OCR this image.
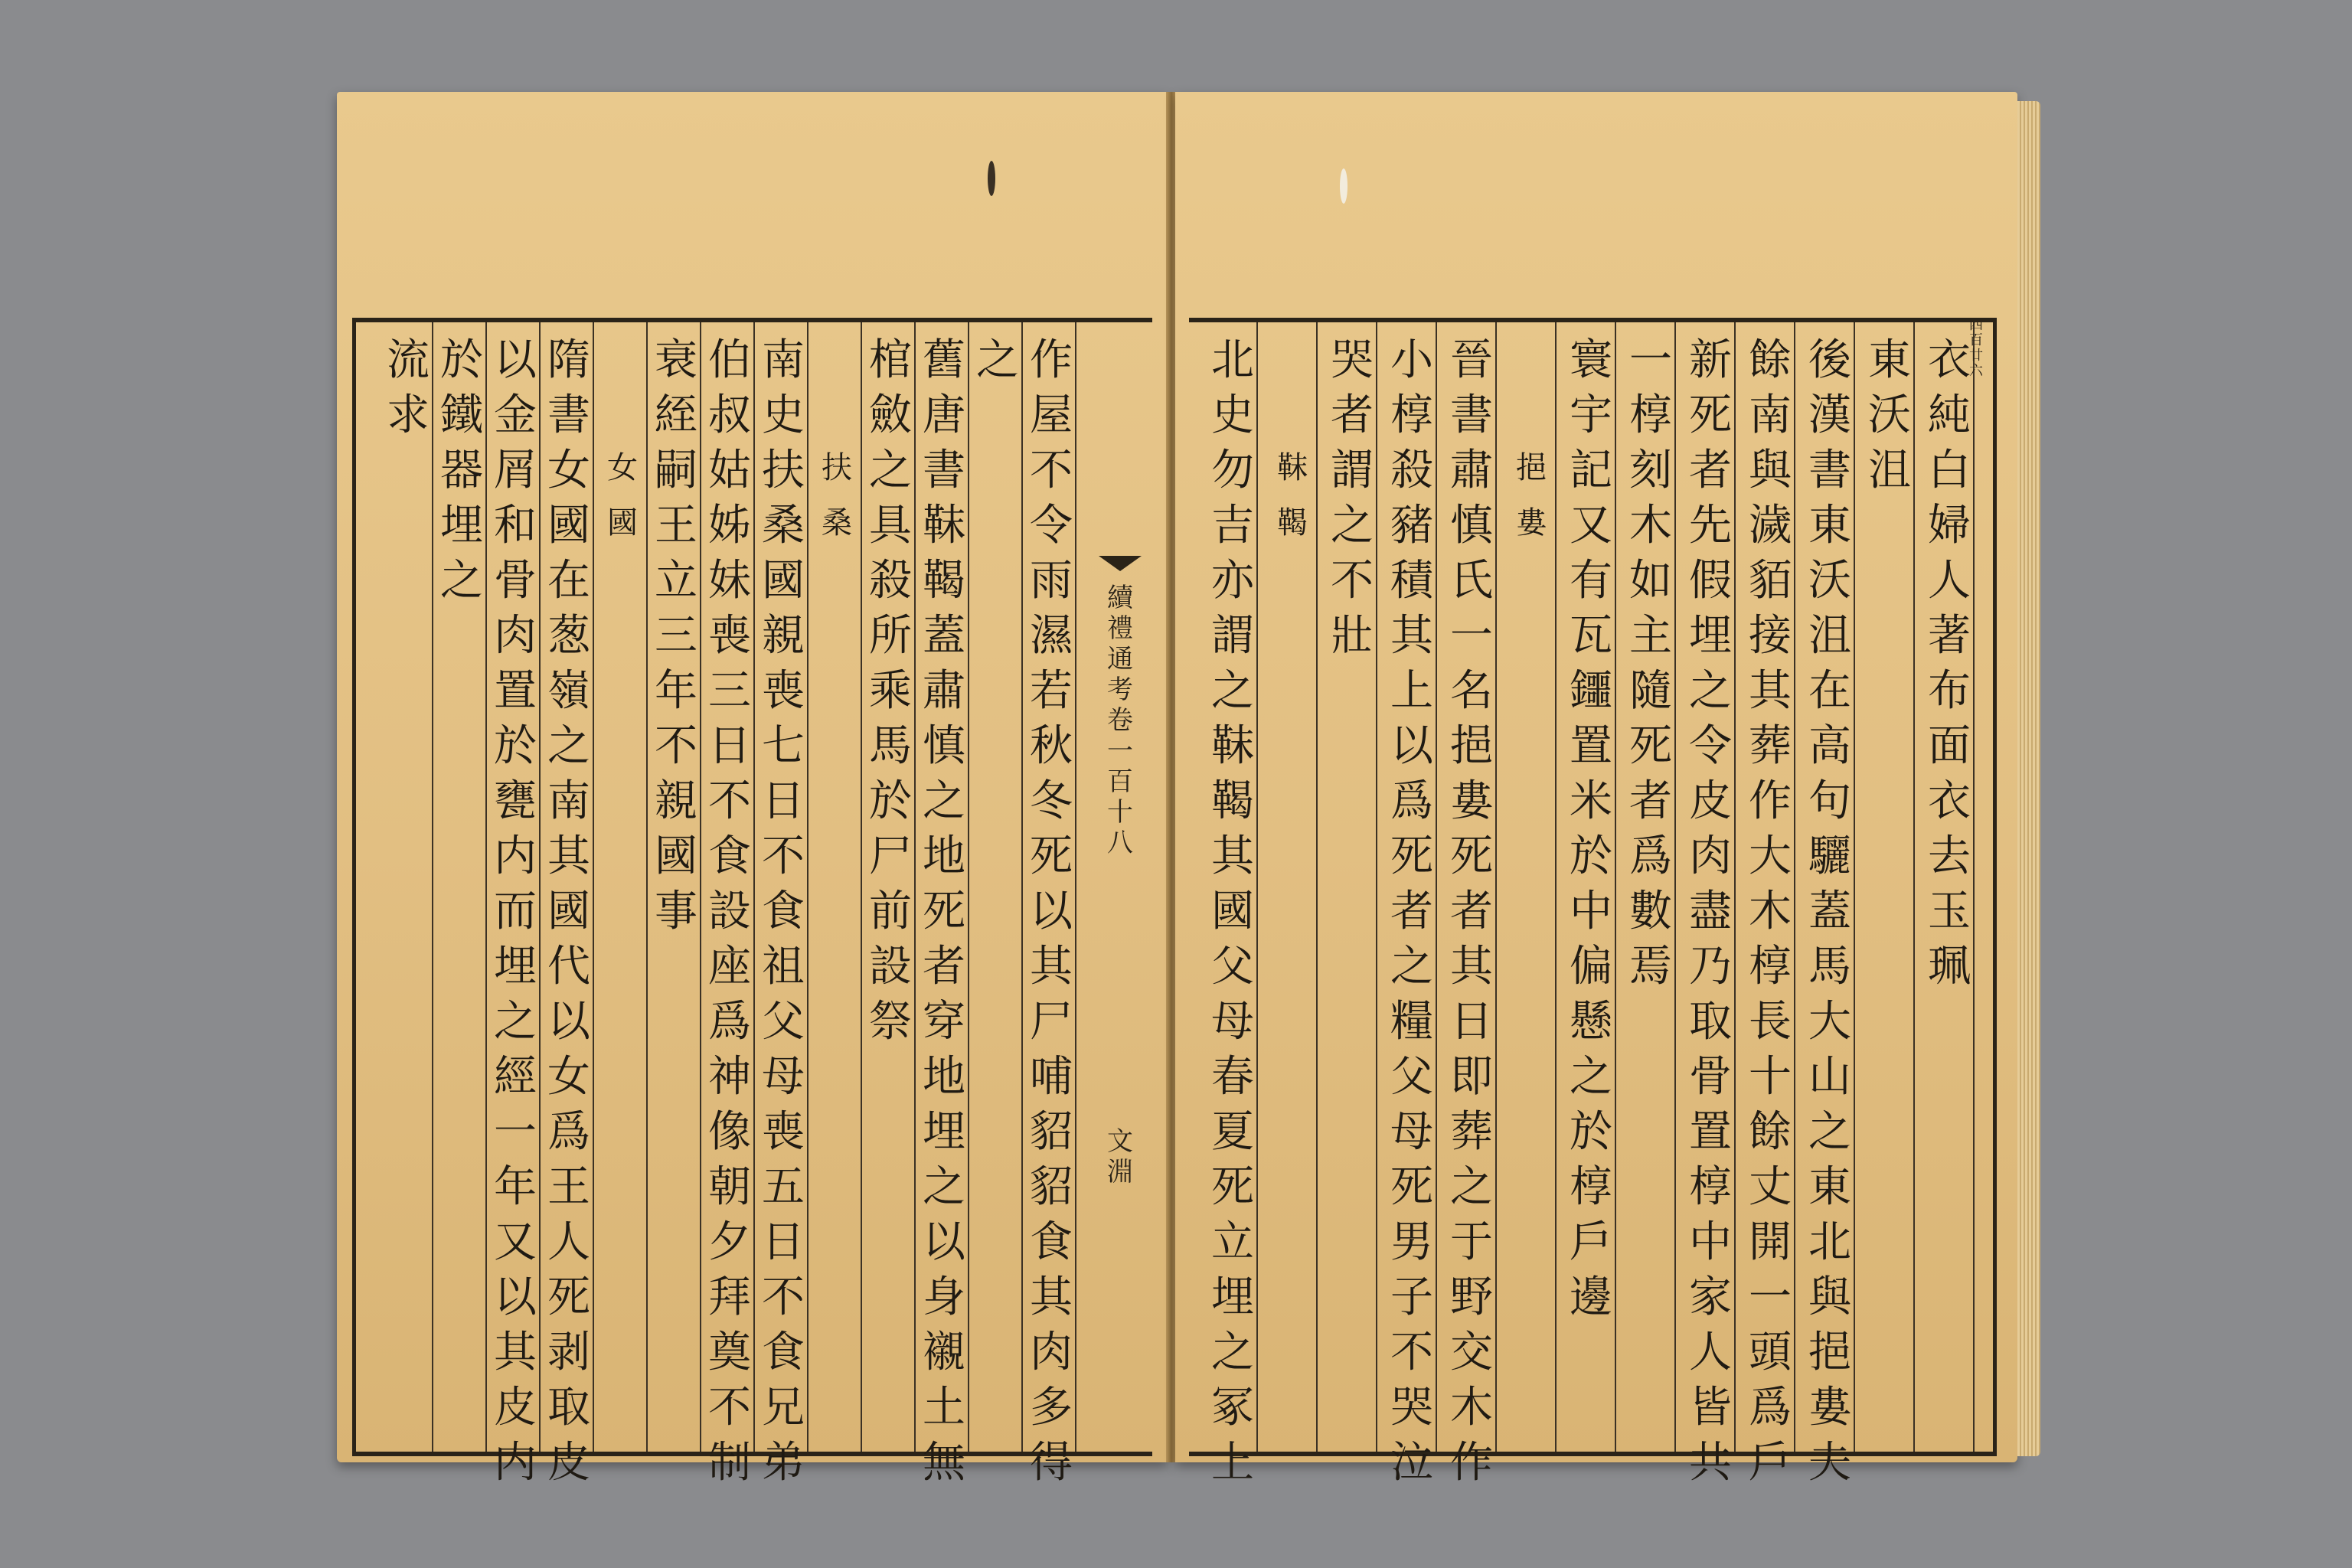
作
屋
不
令
雨
濕
若
秋
冬
死
以
其
尸
哺
貂
貂
食
其
肉
多
得
之
舊
唐
書
靺
鞨
蓋
肅
慎
之
地
死
者
穿
地
埋
之
以
身
襯
土
無
棺
斂
之
具
殺
所
乘
馬
於
尸
前
設
祭
扶
桑
南
史
扶
桑
國
親
喪
七
日
不
食
祖
父
母
喪
五
日
不
食
兄
弟
伯
叔
姑
姊
妹
喪
三
日
不
食
設
座
爲
神
像
朝
夕
拜
奠
不
制
衰
絰
嗣
王
立
三
年
不
親
國
事
女
國
隋
書
女
國
在
葱
嶺
之
南
其
國
代
以
女
爲
王
人
死
剥
取
皮
以
金
屑
和
骨
肉
置
於
甕
内
而
埋
之
經
一
年
又
以
其
皮
内
於
鐵
器
埋
之
流
求
續
禮
通
考
卷
一
百
十
八
文
淵
衣
純
白
婦
人
著
布
面
衣
去
玉
珮
東
沃
沮
後
漢
書
東
沃
沮
在
高
句
驪
蓋
馬
大
山
之
東
北
與
挹
婁
夫
餘
南
與
濊
貊
接
其
葬
作
大
木
椁
長
十
餘
丈
開
一
頭
爲
戶
新
死
者
先
假
埋
之
令
皮
肉
盡
乃
取
骨
置
椁
中
家
人
皆
共
一
椁
刻
木
如
主
隨
死
者
爲
數
焉
寰
宇
記
又
有
瓦
鑩
置
米
於
中
偏
懸
之
於
椁
戶
邊
挹
婁
晉
書
肅
慎
氏
一
名
挹
婁
死
者
其
日
即
葬
之
于
野
交
木
作
小
椁
殺
豬
積
其
上
以
爲
死
者
之
糧
父
母
死
男
子
不
哭
泣
哭
者
謂
之
不
壯
靺
鞨
北
史
勿
吉
亦
謂
之
靺
鞨
其
國
父
母
春
夏
死
立
埋
之
冢
上
四
百
廿
六
